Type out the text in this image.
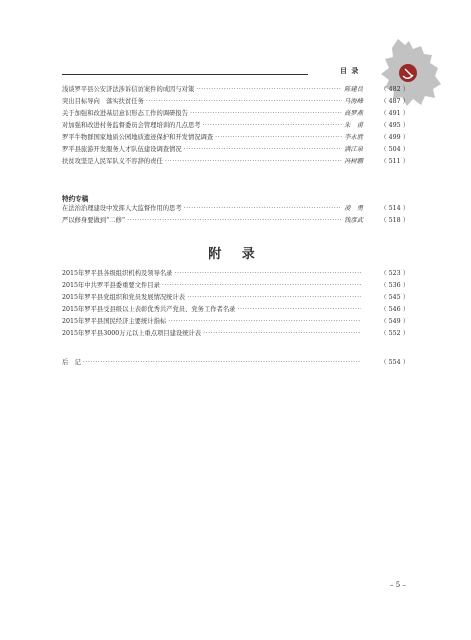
目 录
浅谈罗平县公安济法涉诉信访案件的成因与对策 ·····	陈建良	（ 482 ）
突出目标导向　落实扶贫任务 ·····	马海峰	（ 487 ）
关于加强和改进基层意识形态工作的调研报告 ·····	高罗燕	（ 491 ）
对加强和改进村务监督委员会管理培训的几点思考 ·····	朱　甫	（ 495 ）
罗平牛物群国家地质公园地质遗迹保护和开发情况调查 ·····	李永胜	（ 499 ）
罗平县旅游开发服务人才队伍建设调查情况 ·····	满江泉	（ 504 ）
扶贫攻坚是人民军队义不容辞的责任 ·····	冯树鹏	（ 511 ）
特约专稿
在法治治理建设中发挥人大监督作用的思考 ·····	凌　勇	（ 514 ）
严以修身要做到“二修” ·····	钱彦武	（ 518 ）
附 录
2015年罗平县各级组织机构及领导名录 ·····	（ 523 ）
2015年中共罗平县委重要文件目录 ·····	（ 536 ）
2015年罗平县党组织和党员发展情况统计表 ·····	（ 545 ）
2015年罗平县受县级以上表彰优秀共产党员、党务工作者名录 ·····	（ 546 ）
2015年罗平县国民经济主要统计指标 ·····	（ 549 ）
2015年罗平县3000万元以上重点项目建设统计表 ·····	（ 552 ）
后　记 ·····	（ 554 ）
– 5 –
